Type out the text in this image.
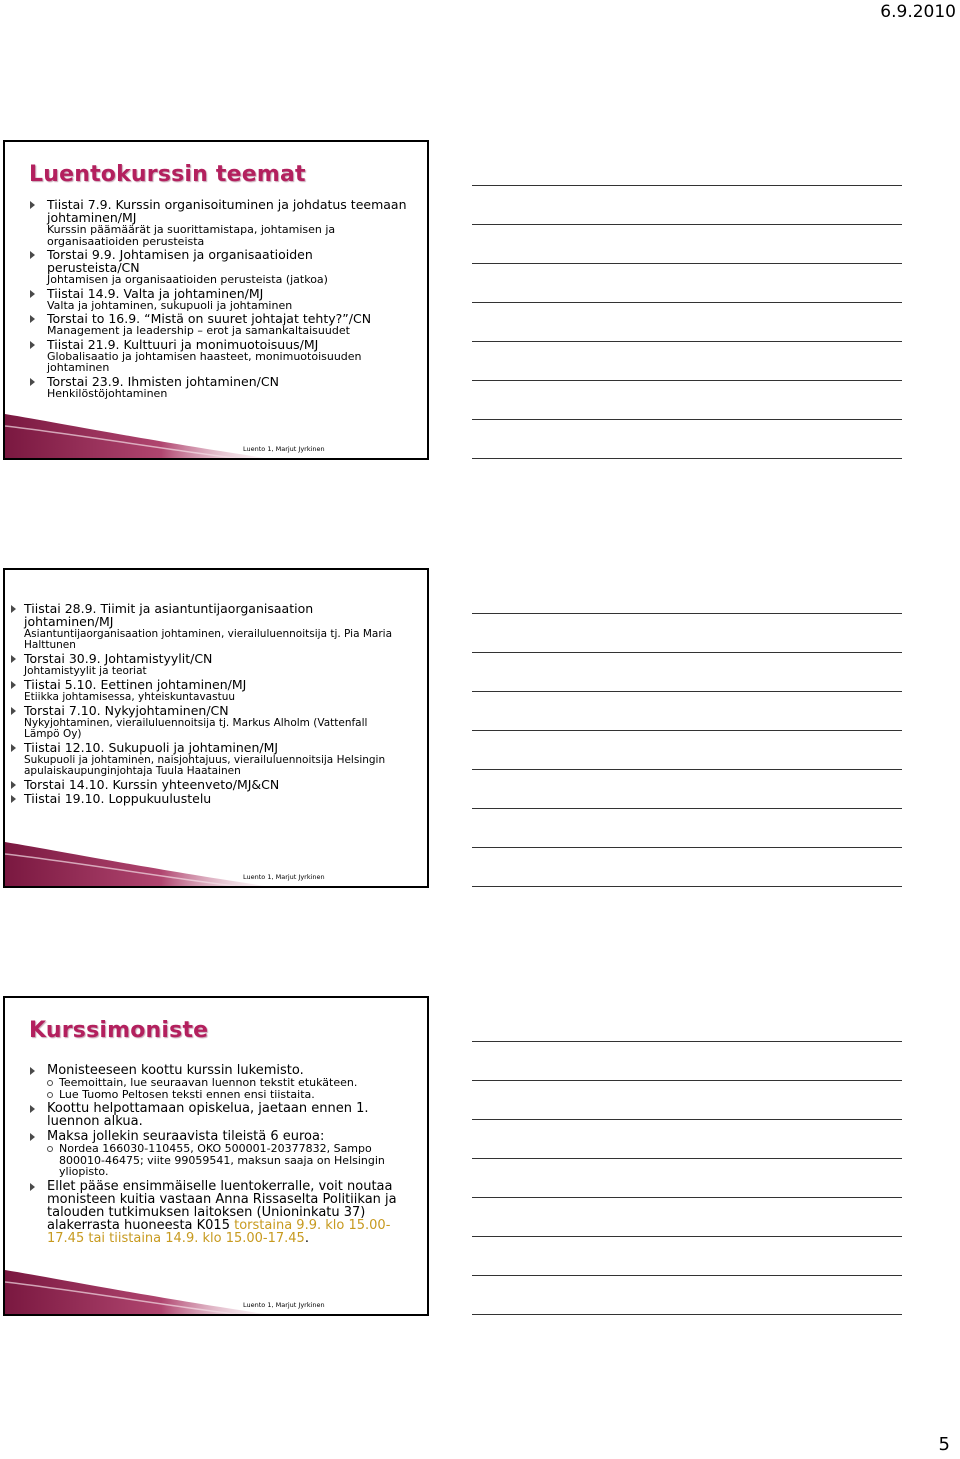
6.9.2010
Luentokurssin teemat
Tiistai 7.9. Kurssin organisoituminen ja johdatus teemaan johtaminen/MJ
Kurssin päämäärät ja suorittamistapa, johtamisen ja organisaatioiden perusteista
Torstai 9.9. Johtamisen ja organisaatioiden perusteista/CN
Johtamisen ja organisaatioiden perusteista (jatkoa)
Tiistai 14.9. Valta ja johtaminen/MJ
Valta ja johtaminen, sukupuoli ja johtaminen
Torstai to 16.9. “Mistä on suuret johtajat tehty?”/CN
Management ja leadership – erot ja samankaltaisuudet
Tiistai 21.9. Kulttuuri ja monimuotoisuus/MJ
Globalisaatio ja johtamisen haasteet, monimuotoisuuden johtaminen
Torstai 23.9. Ihmisten johtaminen/CN
Henkilöstöjohtaminen
Luento 1, Marjut Jyrkinen
Tiistai 28.9. Tiimit ja asiantuntijaorganisaation johtaminen/MJ
Asiantuntijaorganisaation johtaminen, vierailuluennoitsija tj. Pia Maria Halttunen
Torstai 30.9. Johtamistyylit/CN
Johtamistyylit ja teoriat
Tiistai 5.10. Eettinen johtaminen/MJ
Etiikka johtamisessa, yhteiskuntavastuu
Torstai 7.10. Nykyjohtaminen/CN
Nykyjohtaminen, vierailuluennoitsija tj. Markus Alholm (Vattenfall Lämpö Oy)
Tiistai 12.10. Sukupuoli ja johtaminen/MJ
Sukupuoli ja johtaminen, naisjohtajuus, vierailuluennoitsija Helsingin apulaiskaupunginjohtaja Tuula Haatainen
Torstai 14.10. Kurssin yhteenveto/MJ&CN
Tiistai 19.10. Loppukuulustelu
Luento 1, Marjut Jyrkinen
Kurssimoniste
Monisteeseen koottu kurssin lukemisto.
Teemoittain, lue seuraavan luennon tekstit etukäteen.
Lue Tuomo Peltosen teksti ennen ensi tiistaita.
Koottu helpottamaan opiskelua, jaetaan ennen 1. luennon alkua.
Maksa jollekin seuraavista tileistä 6 euroa:
Nordea 166030-110455, OKO 500001-20377832, Sampo 800010-46475; viite 99059541, maksun saaja on Helsingin yliopisto.
Ellet pääse ensimmäiselle luentokerralle, voit noutaa monisteen kuitia vastaan Anna Rissaselta Politiikan ja talouden tutkimuksen laitoksen (Unioninkatu 37) alakerrasta huoneesta K015 torstaina 9.9. klo 15.00-17.45 tai tiistaina 14.9. klo 15.00-17.45.
Luento 1, Marjut Jyrkinen
5
